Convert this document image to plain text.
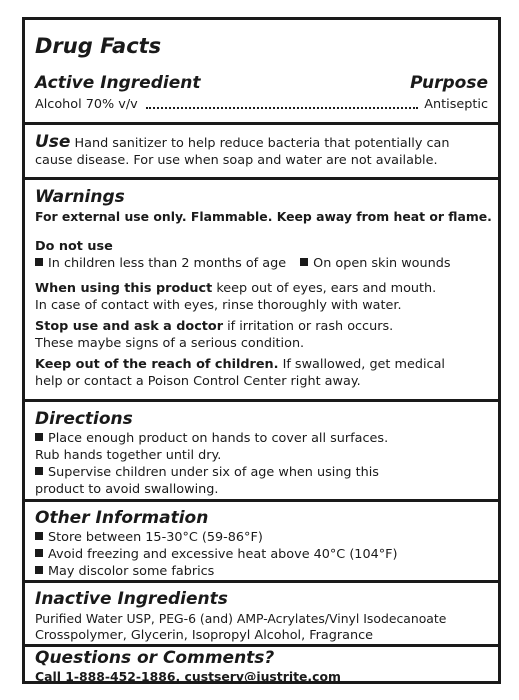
Drug Facts
Active Ingredient	Purpose
Alcohol 70% v/v	Antiseptic
Use Hand sanitizer to help reduce bacteria that potentially can
cause disease. For use when soap and water are not available.
Warnings
For external use only. Flammable. Keep away from heat or flame.
Do not use
In children less than 2 months of age On open skin wounds
When using this product keep out of eyes, ears and mouth.
In case of contact with eyes, rinse thoroughly with water.
Stop use and ask a doctor if irritation or rash occurs.
These maybe signs of a serious condition.
Keep out of the reach of children. If swallowed, get medical
help or contact a Poison Control Center right away.
Directions
Place enough product on hands to cover all surfaces.
Rub hands together until dry.
Supervise children under six of age when using this
product to avoid swallowing.
Other Information
Store between 15-30°C (59-86°F)
Avoid freezing and excessive heat above 40°C (104°F)
May discolor some fabrics
Inactive Ingredients
Purified Water USP, PEG-6 (and) AMP-Acrylates/Vinyl Isodecanoate
Crosspolymer, Glycerin, Isopropyl Alcohol, Fragrance
Questions or Comments?
Call 1-888-452-1886, custserv@justrite.com
